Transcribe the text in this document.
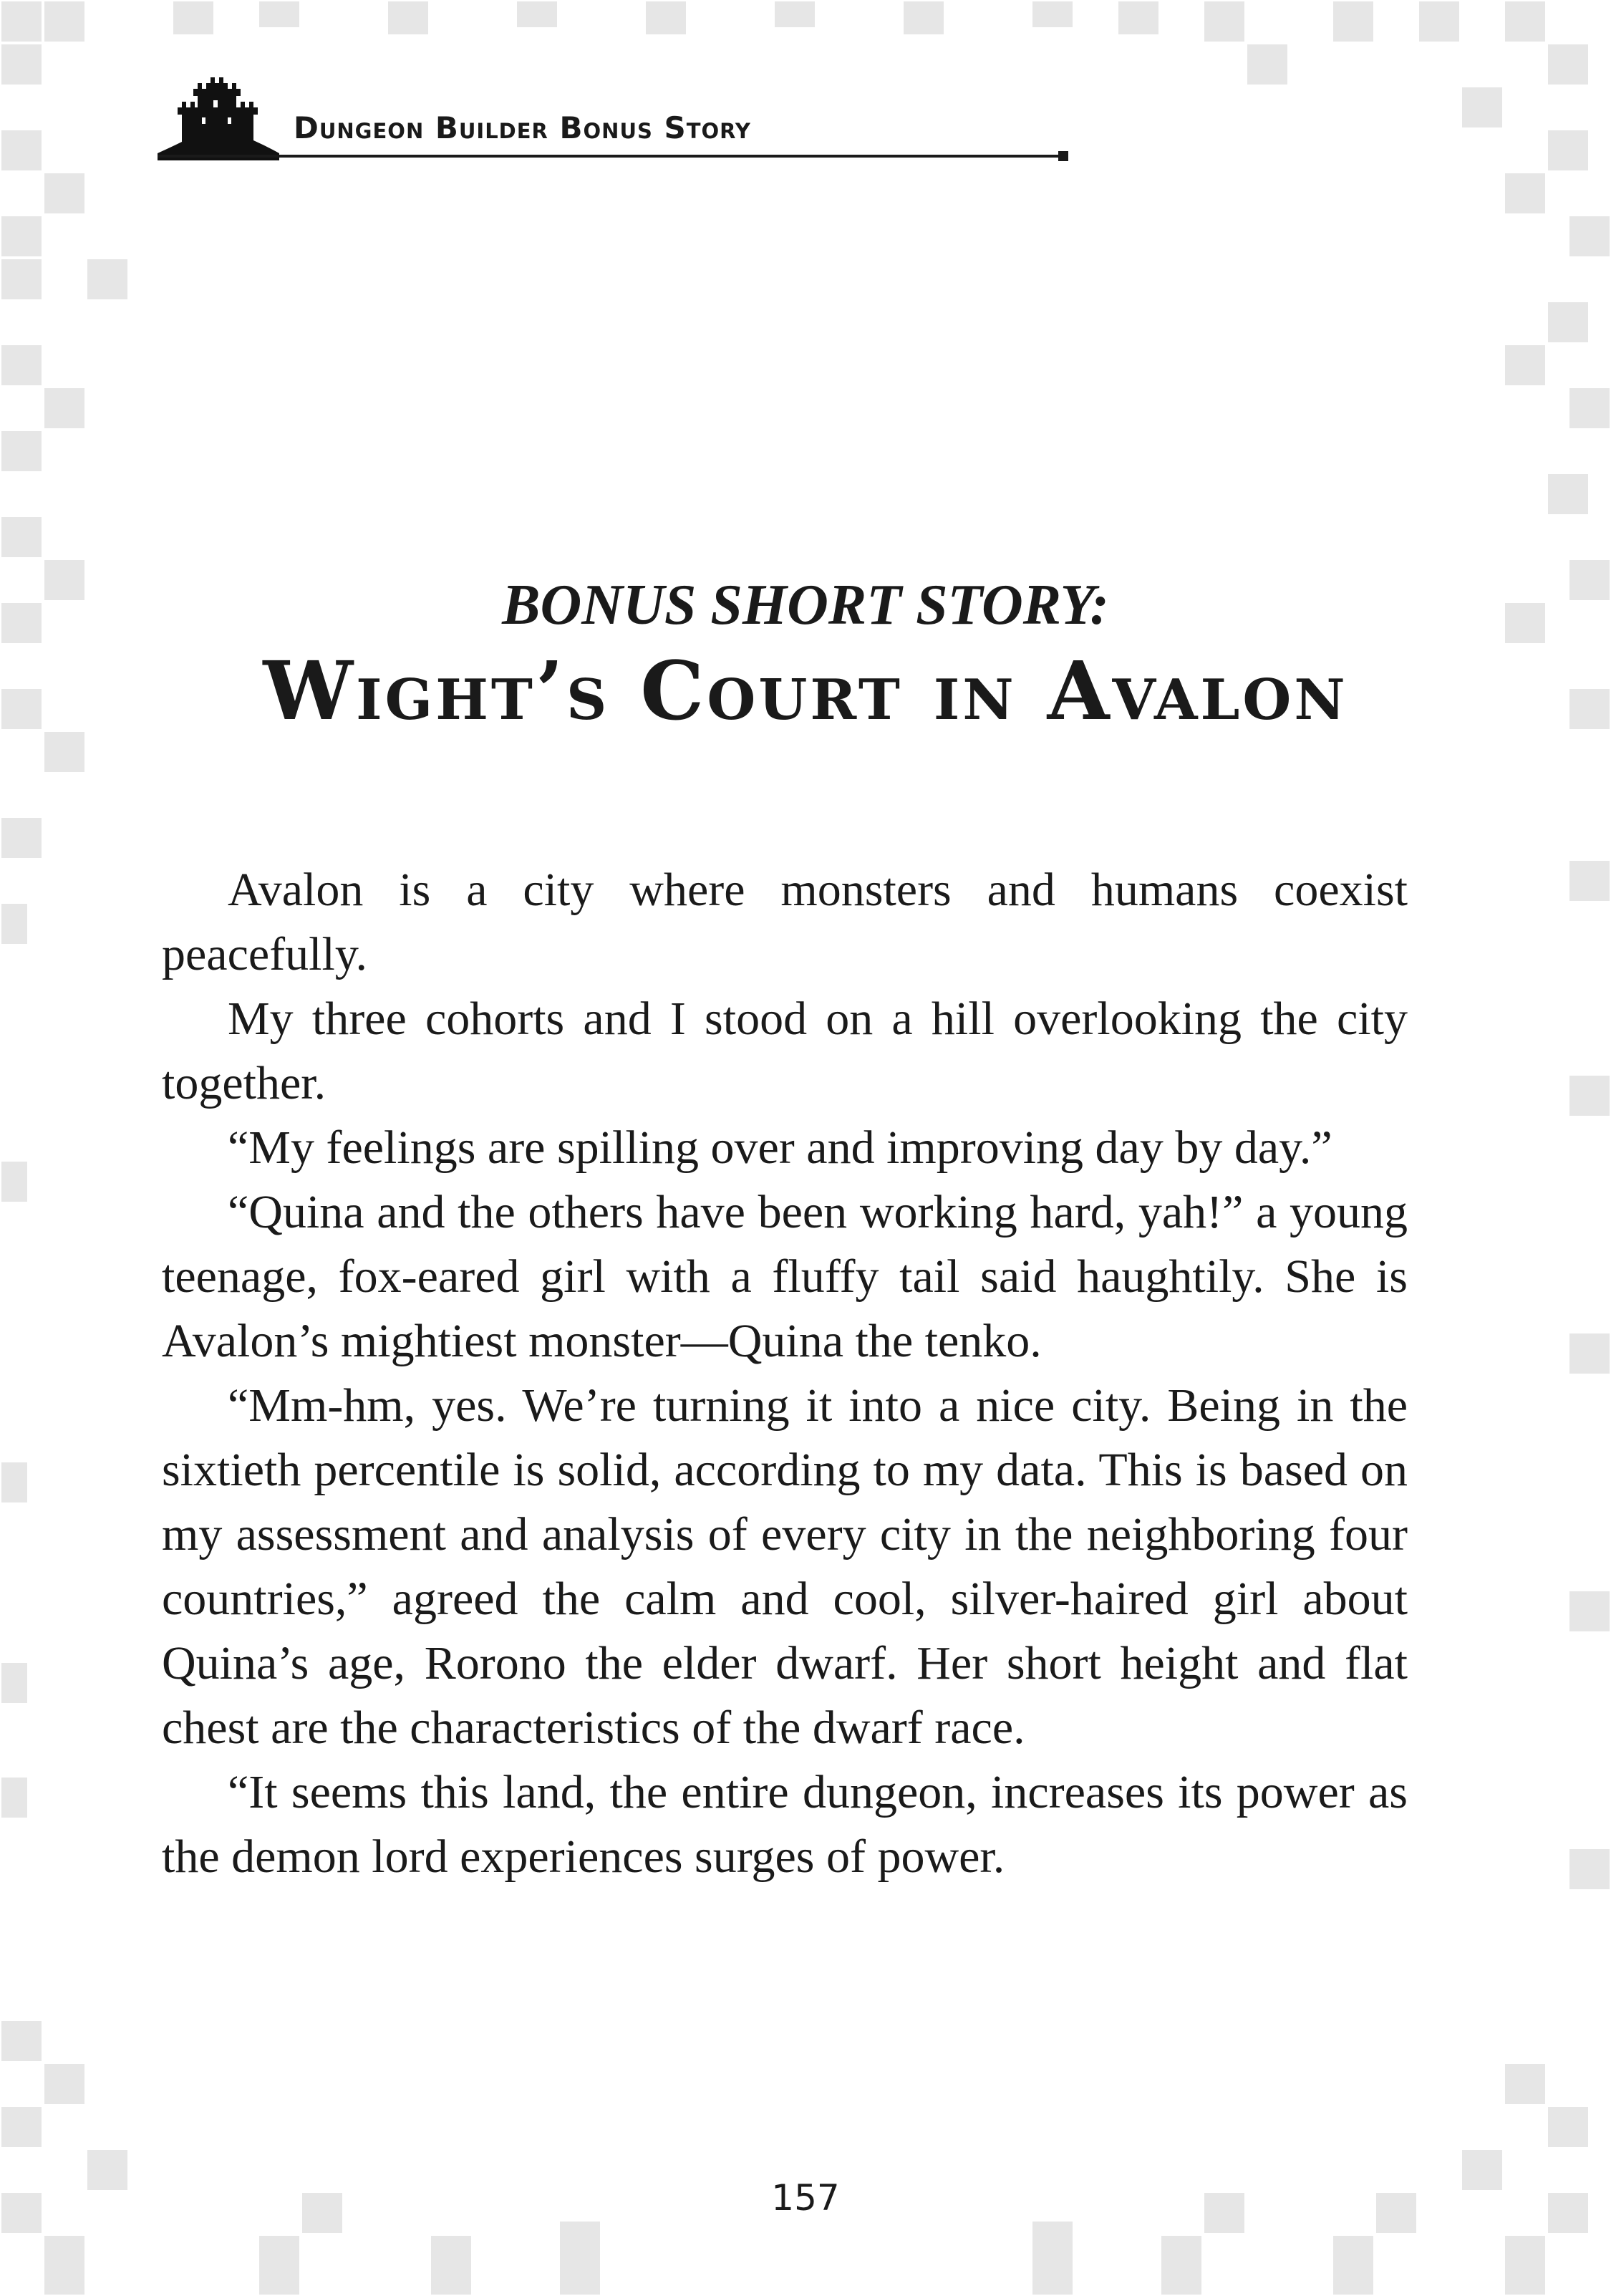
Dungeon Builder Bonus Story
BONUS SHORT STORY:
Wight’s Court in Avalon

Avalon is a city where monsters and humans coexist peacefully.

My three cohorts and I stood on a hill overlooking the city together.

“My feelings are spilling over and improving day by day.”

“Quina and the others have been working hard, yah!” a young teenage, fox-eared girl with a fluffy tail said haughtily. She is Avalon’s mightiest monster—Quina the tenko.

“Mm-hm, yes. We’re turning it into a nice city. Being in the sixtieth percentile is solid, according to my data. This is based on my assessment and analysis of every city in the neighboring four countries,” agreed the calm and cool, silver-haired girl about Quina’s age, Rorono the elder dwarf. Her short height and flat chest are the characteristics of the dwarf race.

“It seems this land, the entire dungeon, increases its power as the demon lord experiences surges of power.

157
